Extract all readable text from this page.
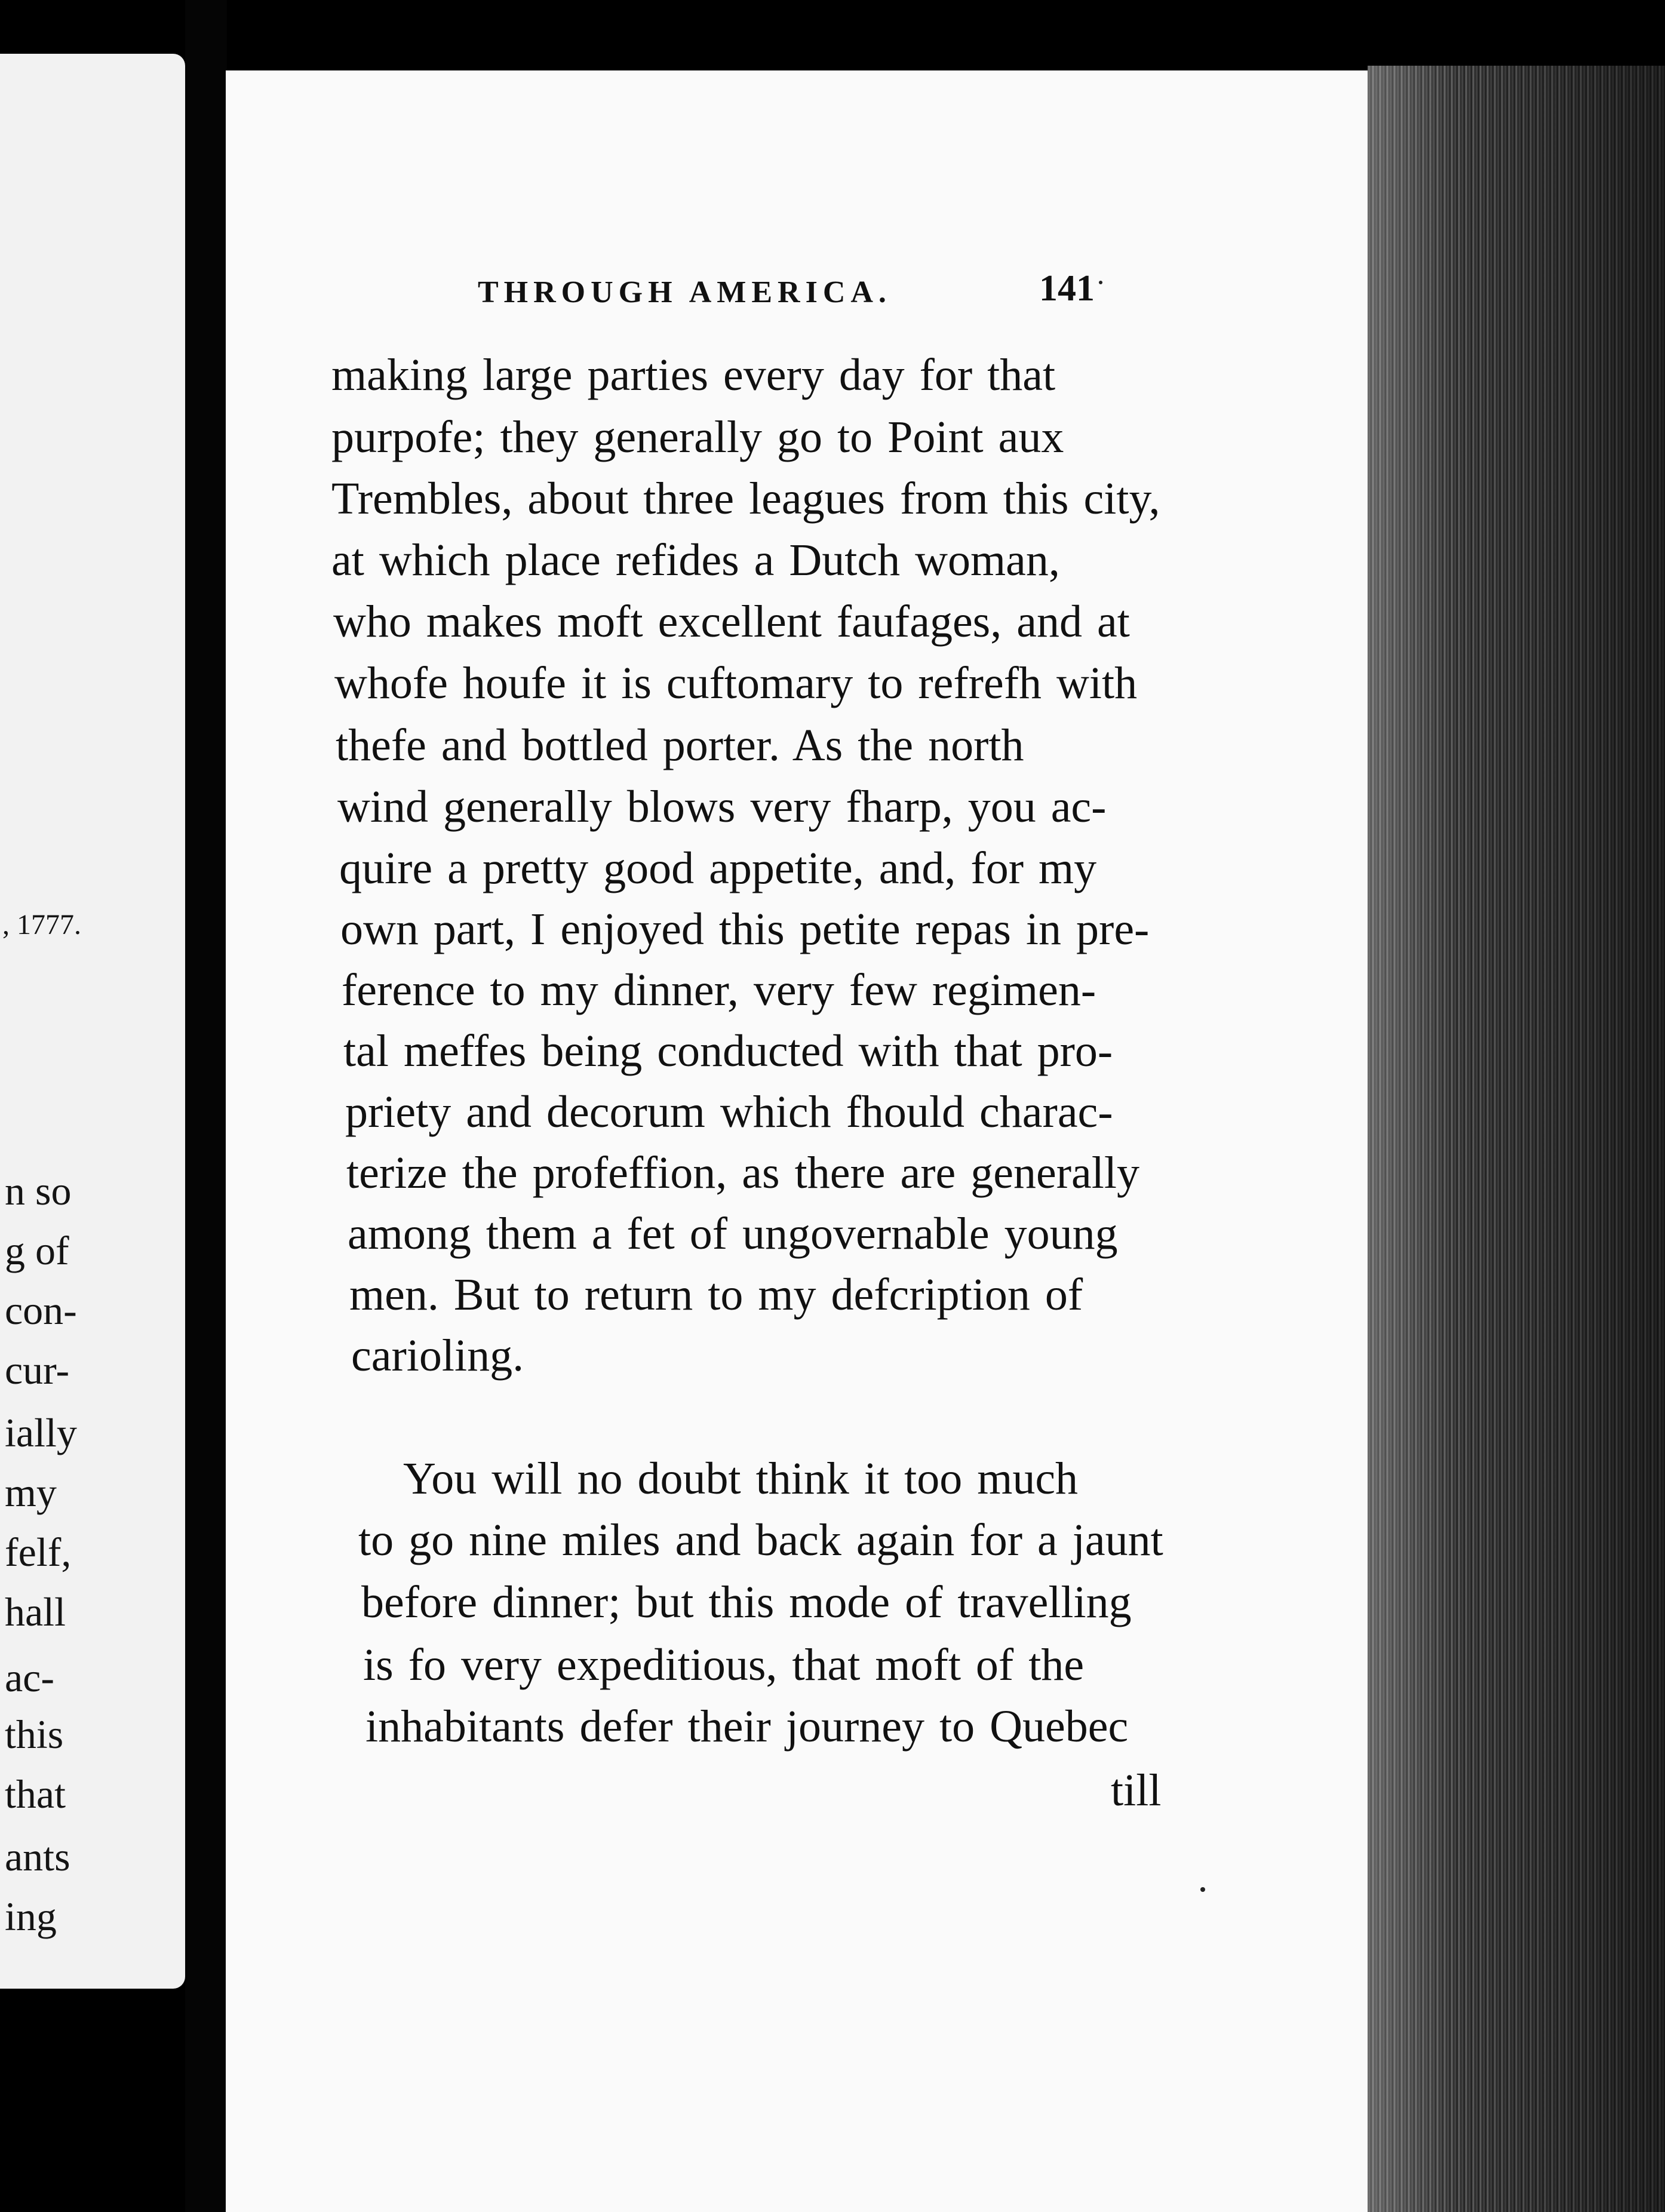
, 1777.
n so
g of
con-
cur-
ially
my
felf,
hall
ac-
this
that
ants
ing
THROUGH AMERICA.	141
making large parties every day for that
purpofe; they generally go to Point aux
Trembles, about three leagues from this city,
at which place refides a Dutch woman,
who makes moft excellent faufages, and at
whofe houfe it is cuftomary to refrefh with
thefe and bottled porter. As the north
wind generally blows very fharp, you ac-
quire a pretty good appetite, and, for my
own part, I enjoyed this petite repas in pre-
ference to my dinner, very few regimen-
tal meffes being conducted with that pro-
priety and decorum which fhould charac-
terize the profeffion, as there are generally
among them a fet of ungovernable young
men. But to return to my defcription of
carioling.
You will no doubt think it too much
to go nine miles and back again for a jaunt
before dinner; but this mode of travelling
is fo very expeditious, that moft of the
inhabitants defer their journey to Quebec
till
